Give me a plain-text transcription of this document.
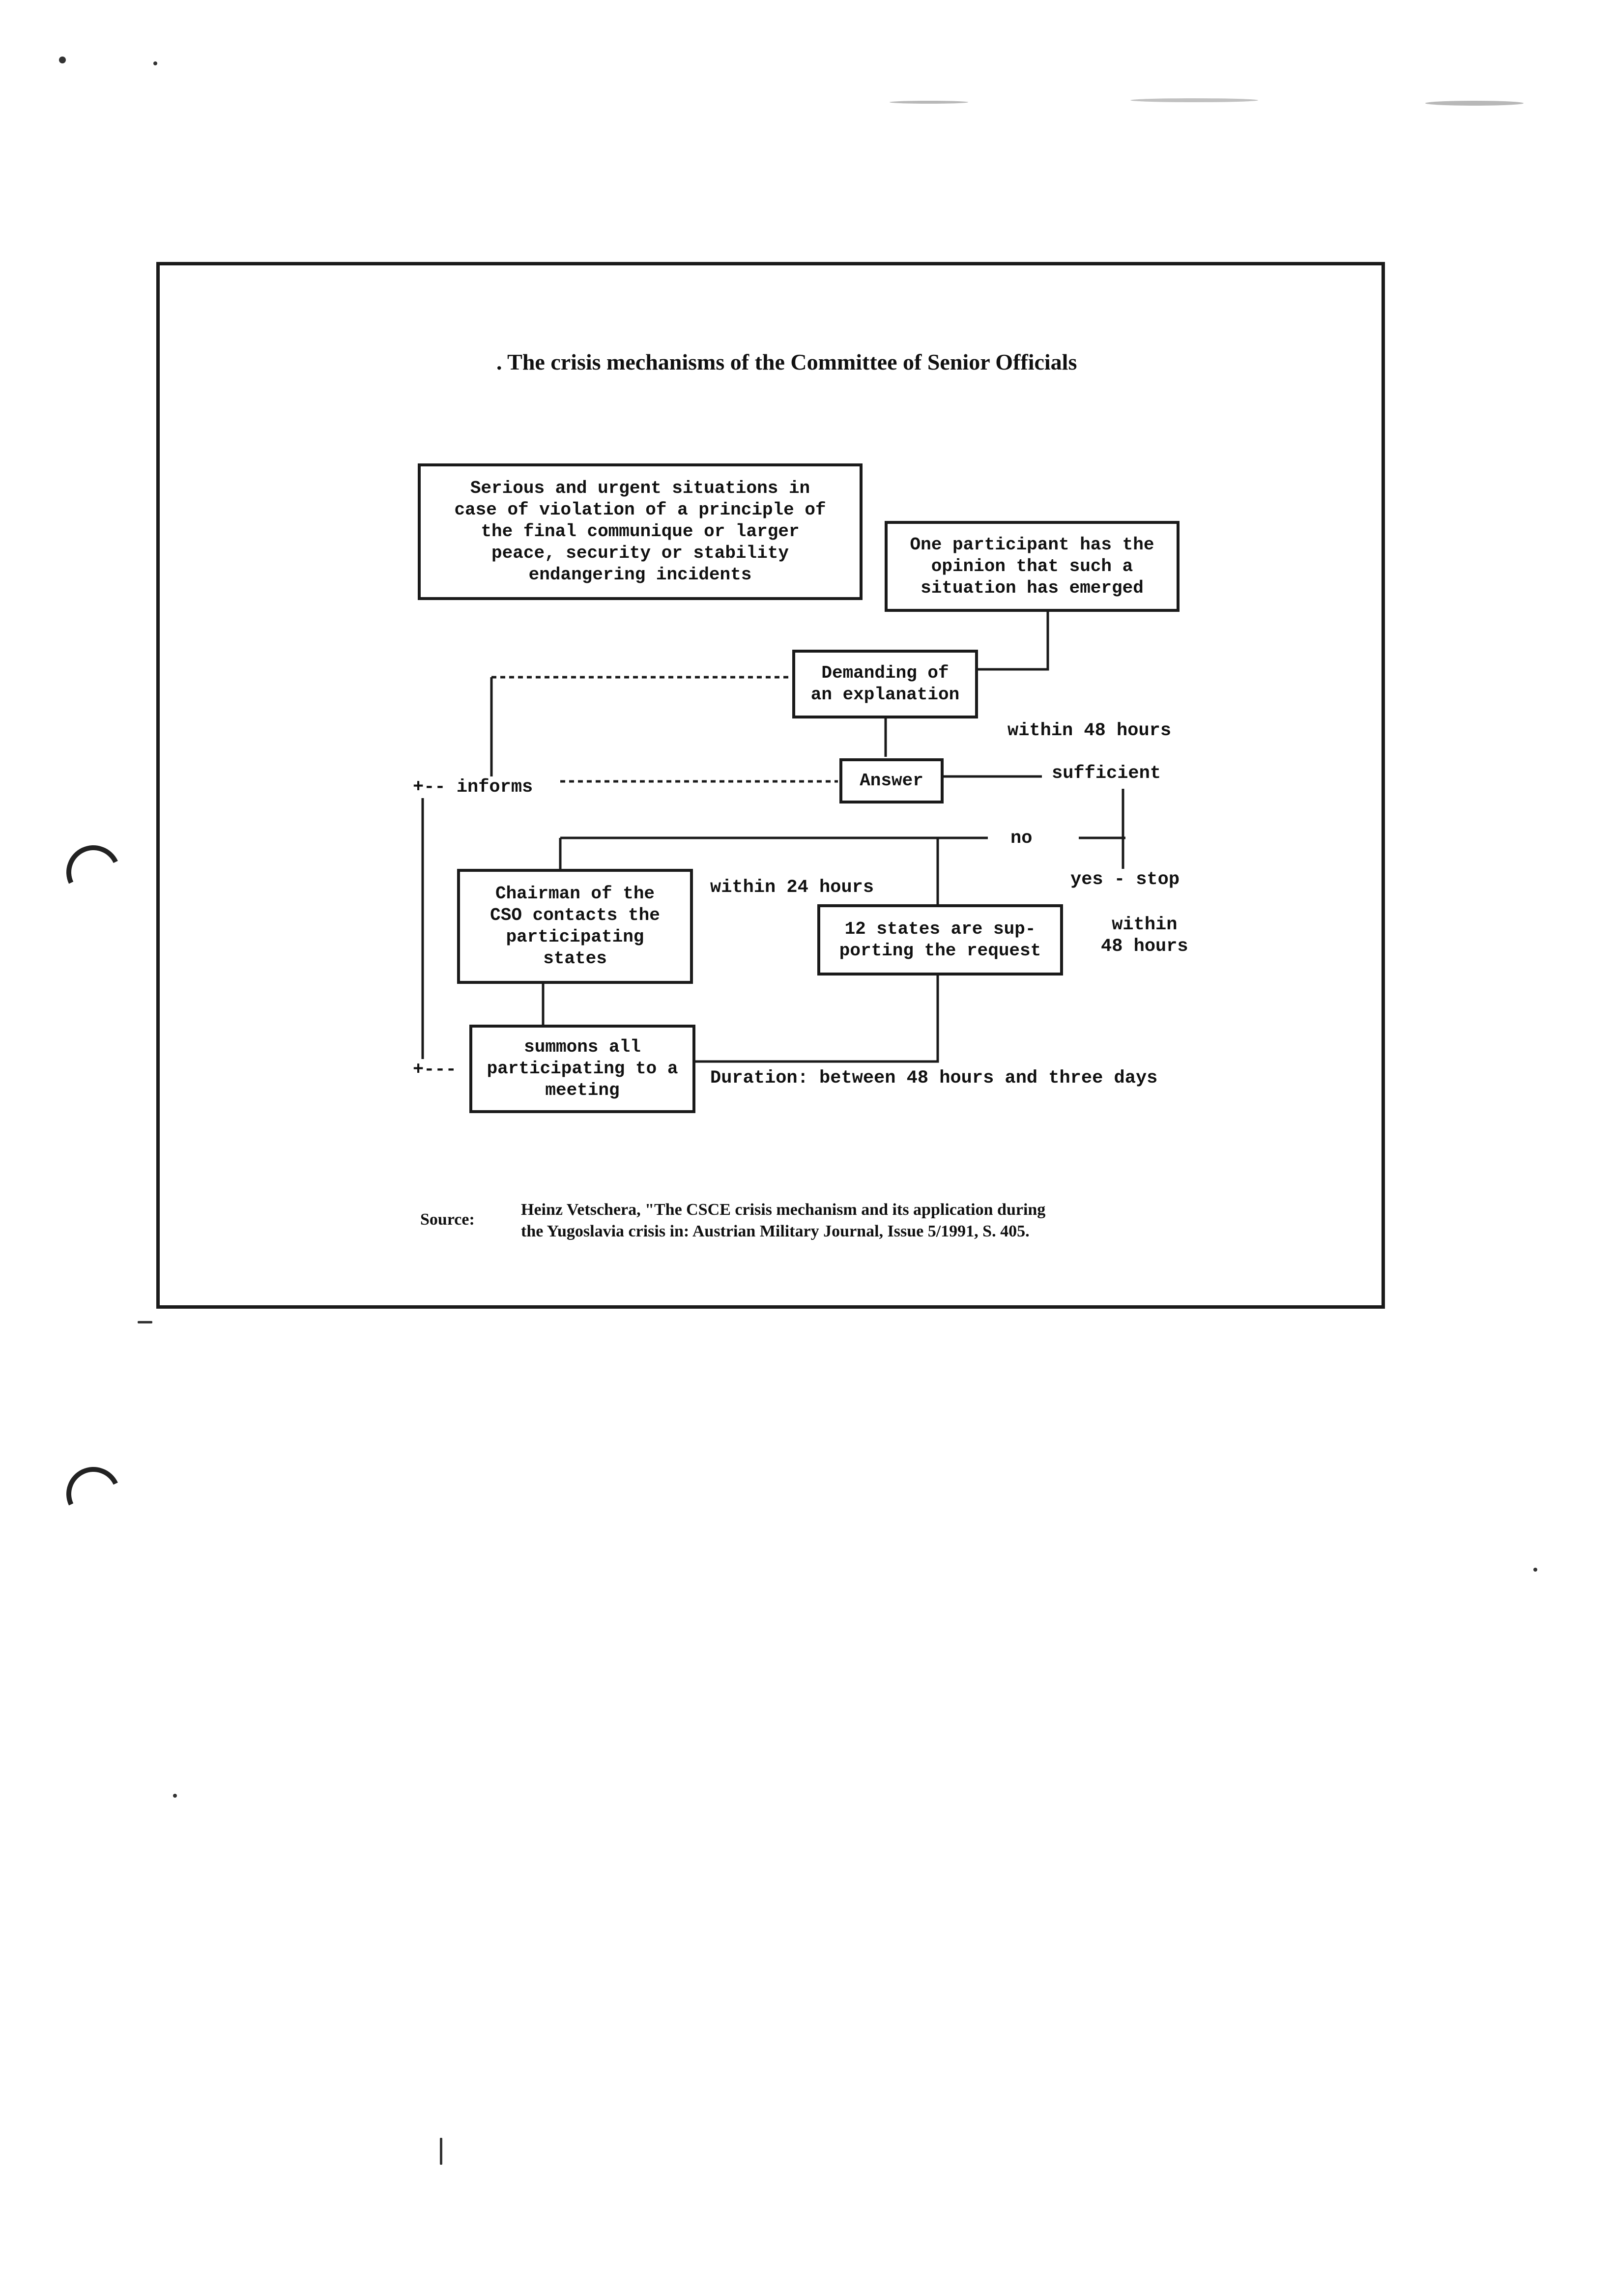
. The crisis mechanisms of the Committee of Senior Officials
Serious and urgent situations in
case of violation of a principle of
the final communique or larger
peace, security or stability
endangering incidents
One participant has the
opinion that such a
situation has emerged
Demanding of
an explanation
Answer
Chairman of the
CSO contacts the
participating
states
12 states are sup-
porting the request
summons all
participating to a
meeting
within 48 hours
+-- informs
sufficient
no
yes - stop
within 24 hours
within
48 hours
+---	Duration: between 48 hours and three days
Source:
Heinz Vetschera, "The CSCE crisis mechanism and its application during
the Yugoslavia crisis in: Austrian Military Journal, Issue 5/1991, S. 405.
